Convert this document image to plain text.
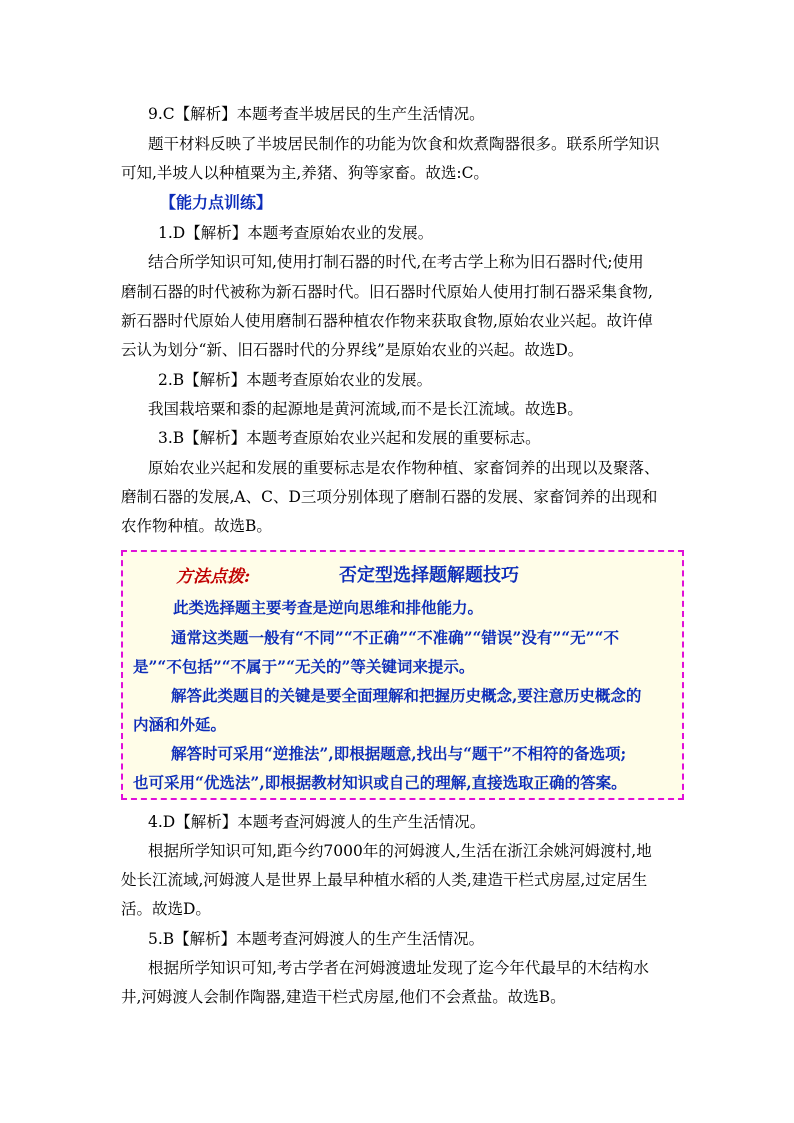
9.C【解析】本题考查半坡居民的生产生活情况。
题干材料反映了半坡居民制作的功能为饮食和炊煮陶器很多。联系所学知识
可知,半坡人以种植粟为主,养猪、狗等家畜。故选:C。
【能力点训练】
1.D【解析】本题考查原始农业的发展。
结合所学知识可知,使用打制石器的时代,在考古学上称为旧石器时代;使用
磨制石器的时代被称为新石器时代。旧石器时代原始人使用打制石器采集食物,
新石器时代原始人使用磨制石器种植农作物来获取食物,原始农业兴起。故许倬
云认为划分“新、旧石器时代的分界线”是原始农业的兴起。故选D。
2.B【解析】本题考查原始农业的发展。
我国栽培粟和黍的起源地是黄河流域,而不是长江流域。故选B。
3.B【解析】本题考查原始农业兴起和发展的重要标志。
原始农业兴起和发展的重要标志是农作物种植、家畜饲养的出现以及聚落、
磨制石器的发展,A、C、D三项分别体现了磨制石器的发展、家畜饲养的出现和
农作物种植。故选B。
方法点拨:	否定型选择题解题技巧
此类选择题主要考查是逆向思维和排他能力。
通常这类题一般有“不同”“不正确”“不准确”“错误”没有”“无”“不
是”“不包括”“不属于”“无关的”等关键词来提示。
解答此类题目的关键是要全面理解和把握历史概念,要注意历史概念的
内涵和外延。
解答时可采用“逆推法”,即根据题意,找出与“题干”不相符的备选项;
也可采用“优选法”,即根据教材知识或自己的理解,直接选取正确的答案。
4.D【解析】本题考查河姆渡人的生产生活情况。
根据所学知识可知,距今约7000年的河姆渡人,生活在浙江余姚河姆渡村,地
处长江流域,河姆渡人是世界上最早种植水稻的人类,建造干栏式房屋,过定居生
活。故选D。
5.B【解析】本题考查河姆渡人的生产生活情况。
根据所学知识可知,考古学者在河姆渡遗址发现了迄今年代最早的木结构水
井,河姆渡人会制作陶器,建造干栏式房屋,他们不会煮盐。故选B。
